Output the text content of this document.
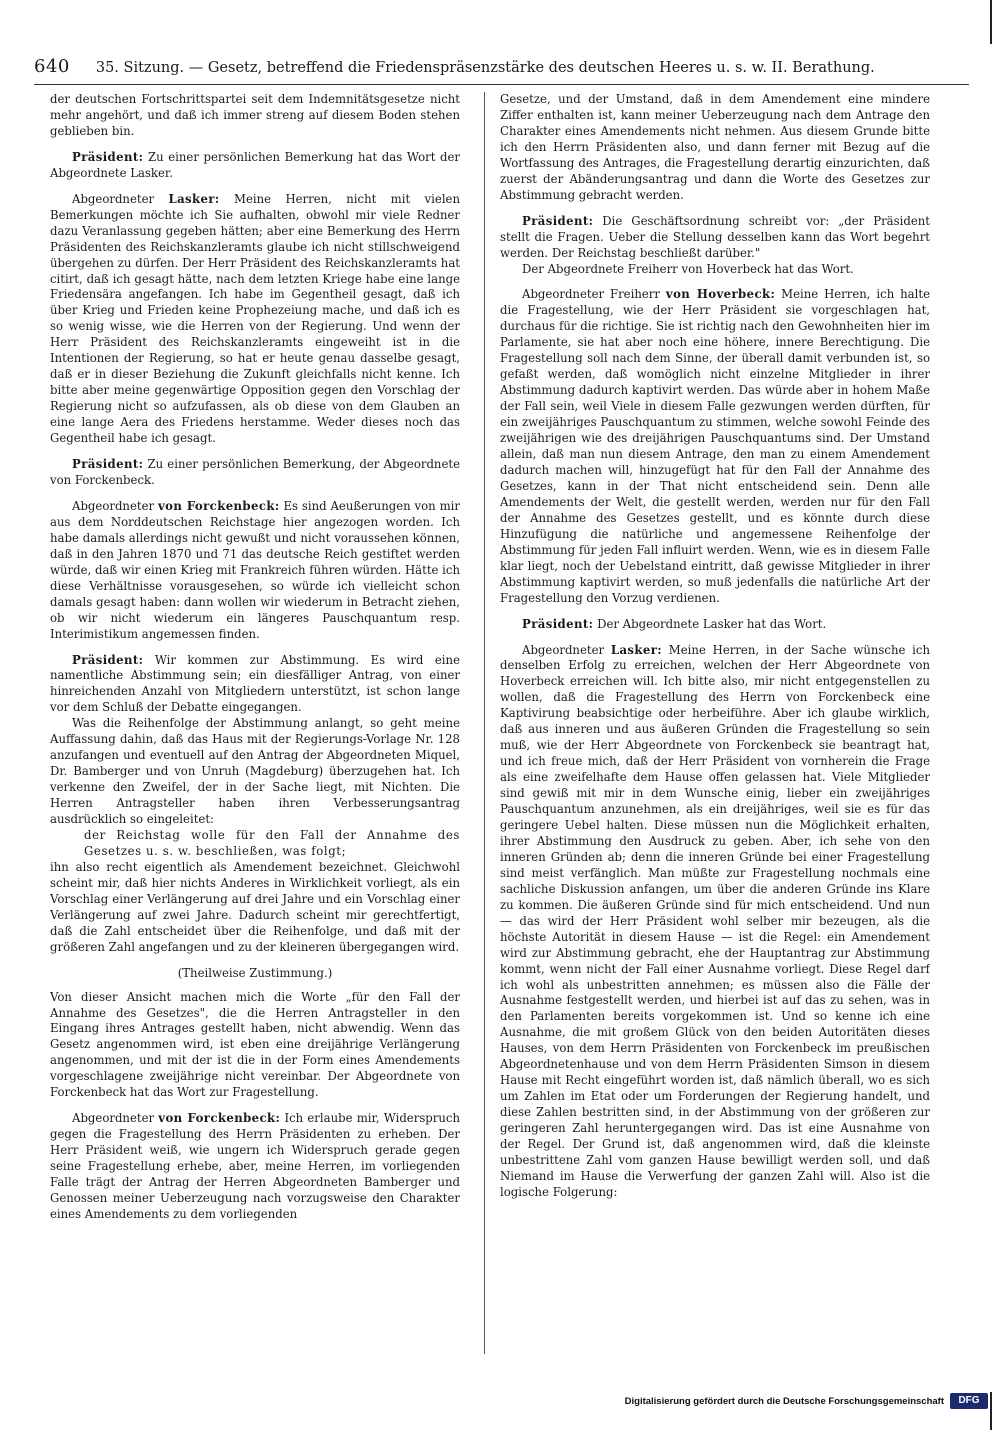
640 35. Sitzung. — Gesetz, betreffend die Friedenspräsenzstärke des deutschen Heeres u. s. w. II. Berathung.

der deutschen Fortschrittspartei seit dem Indemnitätsgesetze nicht mehr angehört, und daß ich immer streng auf diesem Boden stehen geblieben bin.

Präsident: Zu einer persönlichen Bemerkung hat das Wort der Abgeordnete Lasker.

Abgeordneter Lasker: Meine Herren, nicht mit vielen Bemerkungen möchte ich Sie aufhalten, obwohl mir viele Redner dazu Veranlassung gegeben hätten; aber eine Bemerkung des Herrn Präsidenten des Reichskanzleramts glaube ich nicht stillschweigend übergehen zu dürfen. Der Herr Präsident des Reichskanzleramts hat citirt, daß ich gesagt hätte, nach dem letzten Kriege habe eine lange Friedensära angefangen. Ich habe im Gegentheil gesagt, daß ich über Krieg und Frieden keine Prophezeiung mache, und daß ich es so wenig wisse, wie die Herren von der Regierung. Und wenn der Herr Präsident des Reichskanzleramts eingeweiht ist in die Intentionen der Regierung, so hat er heute genau dasselbe gesagt, daß er in dieser Beziehung die Zukunft gleichfalls nicht kenne. Ich bitte aber meine gegenwärtige Opposition gegen den Vorschlag der Regierung nicht so aufzufassen, als ob diese von dem Glauben an eine lange Aera des Friedens herstamme. Weder dieses noch das Gegentheil habe ich gesagt.

Präsident: Zu einer persönlichen Bemerkung, der Abgeordnete von Forckenbeck.

Abgeordneter von Forckenbeck: Es sind Aeußerungen von mir aus dem Norddeutschen Reichstage hier angezogen worden. Ich habe damals allerdings nicht gewußt und nicht voraussehen können, daß in den Jahren 1870 und 71 das deutsche Reich gestiftet werden würde, daß wir einen Krieg mit Frankreich führen würden. Hätte ich diese Verhältnisse vorausgesehen, so würde ich vielleicht schon damals gesagt haben: dann wollen wir wiederum in Betracht ziehen, ob wir nicht wiederum ein längeres Pauschquantum resp. Interimistikum angemessen finden.

Präsident: Wir kommen zur Abstimmung. Es wird eine namentliche Abstimmung sein; ein diesfälliger Antrag, von einer hinreichenden Anzahl von Mitgliedern unterstützt, ist schon lange vor dem Schluß der Debatte eingegangen.

Was die Reihenfolge der Abstimmung anlangt, so geht meine Auffassung dahin, daß das Haus mit der Regierungs-Vorlage Nr. 128 anzufangen und eventuell auf den Antrag der Abgeordneten Miquel, Dr. Bamberger und von Unruh (Magdeburg) überzugehen hat. Ich verkenne den Zweifel, der in der Sache liegt, mit Nichten. Die Herren Antragsteller haben ihren Verbesserungsantrag ausdrücklich so eingeleitet:

der Reichstag wolle für den Fall der Annahme des Gesetzes u. s. w. beschließen, was folgt;

ihn also recht eigentlich als Amendement bezeichnet. Gleichwohl scheint mir, daß hier nichts Anderes in Wirklichkeit vorliegt, als ein Vorschlag einer Verlängerung auf drei Jahre und ein Vorschlag einer Verlängerung auf zwei Jahre. Dadurch scheint mir gerechtfertigt, daß die Zahl entscheidet über die Reihenfolge, und daß mit der größeren Zahl angefangen und zu der kleineren übergegangen wird.

(Theilweise Zustimmung.)

Von dieser Ansicht machen mich die Worte „für den Fall der Annahme des Gesetzes", die die Herren Antragsteller in den Eingang ihres Antrages gestellt haben, nicht abwendig. Wenn das Gesetz angenommen wird, ist eben eine dreijährige Verlängerung angenommen, und mit der ist die in der Form eines Amendements vorgeschlagene zweijährige nicht vereinbar. Der Abgeordnete von Forckenbeck hat das Wort zur Fragestellung.

Abgeordneter von Forckenbeck: Ich erlaube mir, Widerspruch gegen die Fragestellung des Herrn Präsidenten zu erheben. Der Herr Präsident weiß, wie ungern ich Widerspruch gerade gegen seine Fragestellung erhebe, aber, meine Herren, im vorliegenden Falle trägt der Antrag der Herren Abgeordneten Bamberger und Genossen meiner Ueberzeugung nach vorzugsweise den Charakter eines Amendements zu dem vorliegenden

Gesetze, und der Umstand, daß in dem Amendement eine mindere Ziffer enthalten ist, kann meiner Ueberzeugung nach dem Antrage den Charakter eines Amendements nicht nehmen. Aus diesem Grunde bitte ich den Herrn Präsidenten also, und dann ferner mit Bezug auf die Wortfassung des Antrages, die Fragestellung derartig einzurichten, daß zuerst der Abänderungsantrag und dann die Worte des Gesetzes zur Abstimmung gebracht werden.

Präsident: Die Geschäftsordnung schreibt vor: „der Präsident stellt die Fragen. Ueber die Stellung desselben kann das Wort begehrt werden. Der Reichstag beschließt darüber."

Der Abgeordnete Freiherr von Hoverbeck hat das Wort.

Abgeordneter Freiherr von Hoverbeck: Meine Herren, ich halte die Fragestellung, wie der Herr Präsident sie vorgeschlagen hat, durchaus für die richtige. Sie ist richtig nach den Gewohnheiten hier im Parlamente, sie hat aber noch eine höhere, innere Berechtigung. Die Fragestellung soll nach dem Sinne, der überall damit verbunden ist, so gefaßt werden, daß womöglich nicht einzelne Mitglieder in ihrer Abstimmung dadurch kaptivirt werden. Das würde aber in hohem Maße der Fall sein, weil Viele in diesem Falle gezwungen werden dürften, für ein zweijähriges Pauschquantum zu stimmen, welche sowohl Feinde des zweijährigen wie des dreijährigen Pauschquantums sind. Der Umstand allein, daß man nun diesem Antrage, den man zu einem Amendement dadurch machen will, hinzugefügt hat für den Fall der Annahme des Gesetzes, kann in der That nicht entscheidend sein. Denn alle Amendements der Welt, die gestellt werden, werden nur für den Fall der Annahme des Gesetzes gestellt, und es könnte durch diese Hinzufügung die natürliche und angemessene Reihenfolge der Abstimmung für jeden Fall influirt werden. Wenn, wie es in diesem Falle klar liegt, noch der Uebelstand eintritt, daß gewisse Mitglieder in ihrer Abstimmung kaptivirt werden, so muß jedenfalls die natürliche Art der Fragestellung den Vorzug verdienen.

Präsident: Der Abgeordnete Lasker hat das Wort.

Abgeordneter Lasker: Meine Herren, in der Sache wünsche ich denselben Erfolg zu erreichen, welchen der Herr Abgeordnete von Hoverbeck erreichen will. Ich bitte also, mir nicht entgegenstellen zu wollen, daß die Fragestellung des Herrn von Forckenbeck eine Kaptivirung beabsichtige oder herbeiführe. Aber ich glaube wirklich, daß aus inneren und aus äußeren Gründen die Fragestellung so sein muß, wie der Herr Abgeordnete von Forckenbeck sie beantragt hat, und ich freue mich, daß der Herr Präsident von vornherein die Frage als eine zweifelhafte dem Hause offen gelassen hat. Viele Mitglieder sind gewiß mit mir in dem Wunsche einig, lieber ein zweijähriges Pauschquantum anzunehmen, als ein dreijähriges, weil sie es für das geringere Uebel halten. Diese müssen nun die Möglichkeit erhalten, ihrer Abstimmung den Ausdruck zu geben. Aber, ich sehe von den inneren Gründen ab; denn die inneren Gründe bei einer Fragestellung sind meist verfänglich. Man müßte zur Fragestellung nochmals eine sachliche Diskussion anfangen, um über die anderen Gründe ins Klare zu kommen. Die äußeren Gründe sind für mich entscheidend. Und nun — das wird der Herr Präsident wohl selber mir bezeugen, als die höchste Autorität in diesem Hause — ist die Regel: ein Amendement wird zur Abstimmung gebracht, ehe der Hauptantrag zur Abstimmung kommt, wenn nicht der Fall einer Ausnahme vorliegt. Diese Regel darf ich wohl als unbestritten annehmen; es müssen also die Fälle der Ausnahme festgestellt werden, und hierbei ist auf das zu sehen, was in den Parlamenten bereits vorgekommen ist. Und so kenne ich eine Ausnahme, die mit großem Glück von den beiden Autoritäten dieses Hauses, von dem Herrn Präsidenten von Forckenbeck im preußischen Abgeordnetenhause und von dem Herrn Präsidenten Simson in diesem Hause mit Recht eingeführt worden ist, daß nämlich überall, wo es sich um Zahlen im Etat oder um Forderungen der Regierung handelt, und diese Zahlen bestritten sind, in der Abstimmung von der größeren zur geringeren Zahl heruntergegangen wird. Das ist eine Ausnahme von der Regel. Der Grund ist, daß angenommen wird, daß die kleinste unbestrittene Zahl vom ganzen Hause bewilligt werden soll, und daß Niemand im Hause die Verwerfung der ganzen Zahl will. Also ist die logische Folgerung:

Digitalisierung gefördert durch die Deutsche Forschungsgemeinschaft	DFG
